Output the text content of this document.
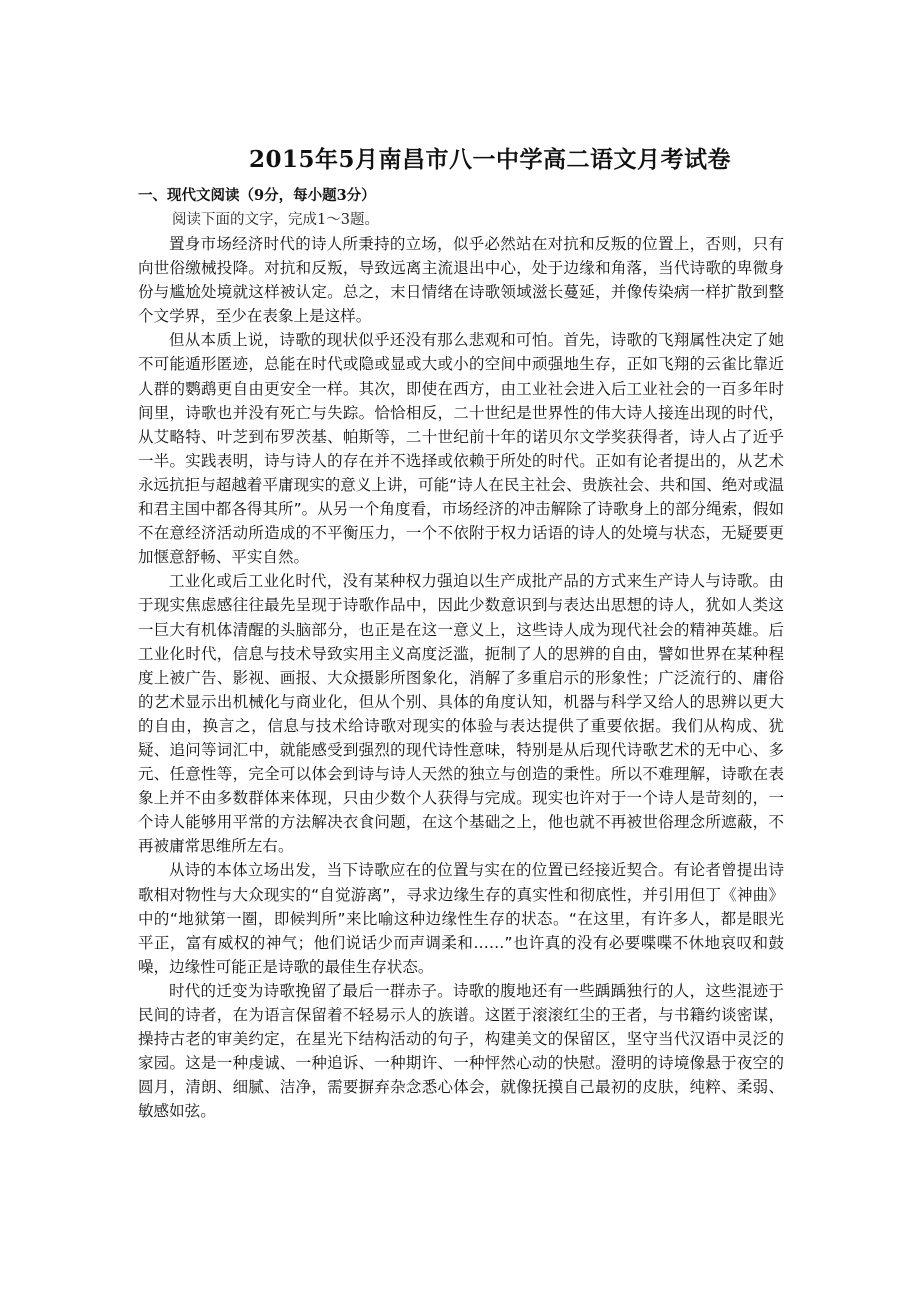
2015年5月南昌市八一中学高二语文月考试卷
一、现代文阅读（9分，每小题3分）
阅读下面的文字，完成1～3题。

置身市场经济时代的诗人所秉持的立场，似乎必然站在对抗和反叛的位置上，否则，只有向世俗缴械投降。对抗和反叛，导致远离主流退出中心，处于边缘和角落，当代诗歌的卑微身份与尴尬处境就这样被认定。总之，末日情绪在诗歌领域滋长蔓延，并像传染病一样扩散到整个文学界，至少在表象上是这样。

但从本质上说，诗歌的现状似乎还没有那么悲观和可怕。首先，诗歌的飞翔属性决定了她不可能遁形匿迹，总能在时代或隐或显或大或小的空间中顽强地生存，正如飞翔的云雀比靠近人群的鹦鹉更自由更安全一样。其次，即使在西方，由工业社会进入后工业社会的一百多年时间里，诗歌也并没有死亡与失踪。恰恰相反，二十世纪是世界性的伟大诗人接连出现的时代，从艾略特、叶芝到布罗茨基、帕斯等，二十世纪前十年的诺贝尔文学奖获得者，诗人占了近乎一半。实践表明，诗与诗人的存在并不选择或依赖于所处的时代。正如有论者提出的，从艺术永远抗拒与超越着平庸现实的意义上讲，可能“诗人在民主社会、贵族社会、共和国、绝对或温和君主国中都各得其所”。从另一个角度看，市场经济的冲击解除了诗歌身上的部分绳索，假如不在意经济活动所造成的不平衡压力，一个不依附于权力话语的诗人的处境与状态，无疑要更加惬意舒畅、平实自然。

工业化或后工业化时代，没有某种权力强迫以生产成批产品的方式来生产诗人与诗歌。由于现实焦虑感往往最先呈现于诗歌作品中，因此少数意识到与表达出思想的诗人，犹如人类这一巨大有机体清醒的头脑部分，也正是在这一意义上，这些诗人成为现代社会的精神英雄。后工业化时代，信息与技术导致实用主义高度泛滥，扼制了人的思辨的自由，譬如世界在某种程度上被广告、影视、画报、大众摄影所图象化，消解了多重启示的形象性；广泛流行的、庸俗的艺术显示出机械化与商业化，但从个别、具体的角度认知，机器与科学又给人的思辨以更大的自由，换言之，信息与技术给诗歌对现实的体验与表达提供了重要依据。我们从构成、犹疑、追问等词汇中，就能感受到强烈的现代诗性意味，特别是从后现代诗歌艺术的无中心、多元、任意性等，完全可以体会到诗与诗人天然的独立与创造的秉性。所以不难理解，诗歌在表象上并不由多数群体来体现，只由少数个人获得与完成。现实也许对于一个诗人是苛刻的，一个诗人能够用平常的方法解决衣食问题，在这个基础之上，他也就不再被世俗理念所遮蔽，不再被庸常思维所左右。

从诗的本体立场出发，当下诗歌应在的位置与实在的位置已经接近契合。有论者曾提出诗歌相对物性与大众现实的“自觉游离”，寻求边缘生存的真实性和彻底性，并引用但丁《神曲》中的“地狱第一圈，即候判所”来比喻这种边缘性生存的状态。“在这里，有许多人，都是眼光平正，富有威权的神气；他们说话少而声调柔和……”也许真的没有必要喋喋不休地哀叹和鼓噪，边缘性可能正是诗歌的最佳生存状态。

时代的迁变为诗歌挽留了最后一群赤子。诗歌的腹地还有一些踽踽独行的人，这些混迹于民间的诗者，在为语言保留着不轻易示人的族谱。这匿于滚滚红尘的王者，与书籍约谈密谋，操持古老的审美约定，在星光下结构活动的句子，构建美文的保留区，坚守当代汉语中灵泛的家园。这是一种虔诚、一种追诉、一种期许、一种怦然心动的快慰。澄明的诗境像悬于夜空的圆月，清朗、细腻、洁净，需要摒弃杂念悉心体会，就像抚摸自己最初的皮肤，纯粹、柔弱、敏感如弦。
